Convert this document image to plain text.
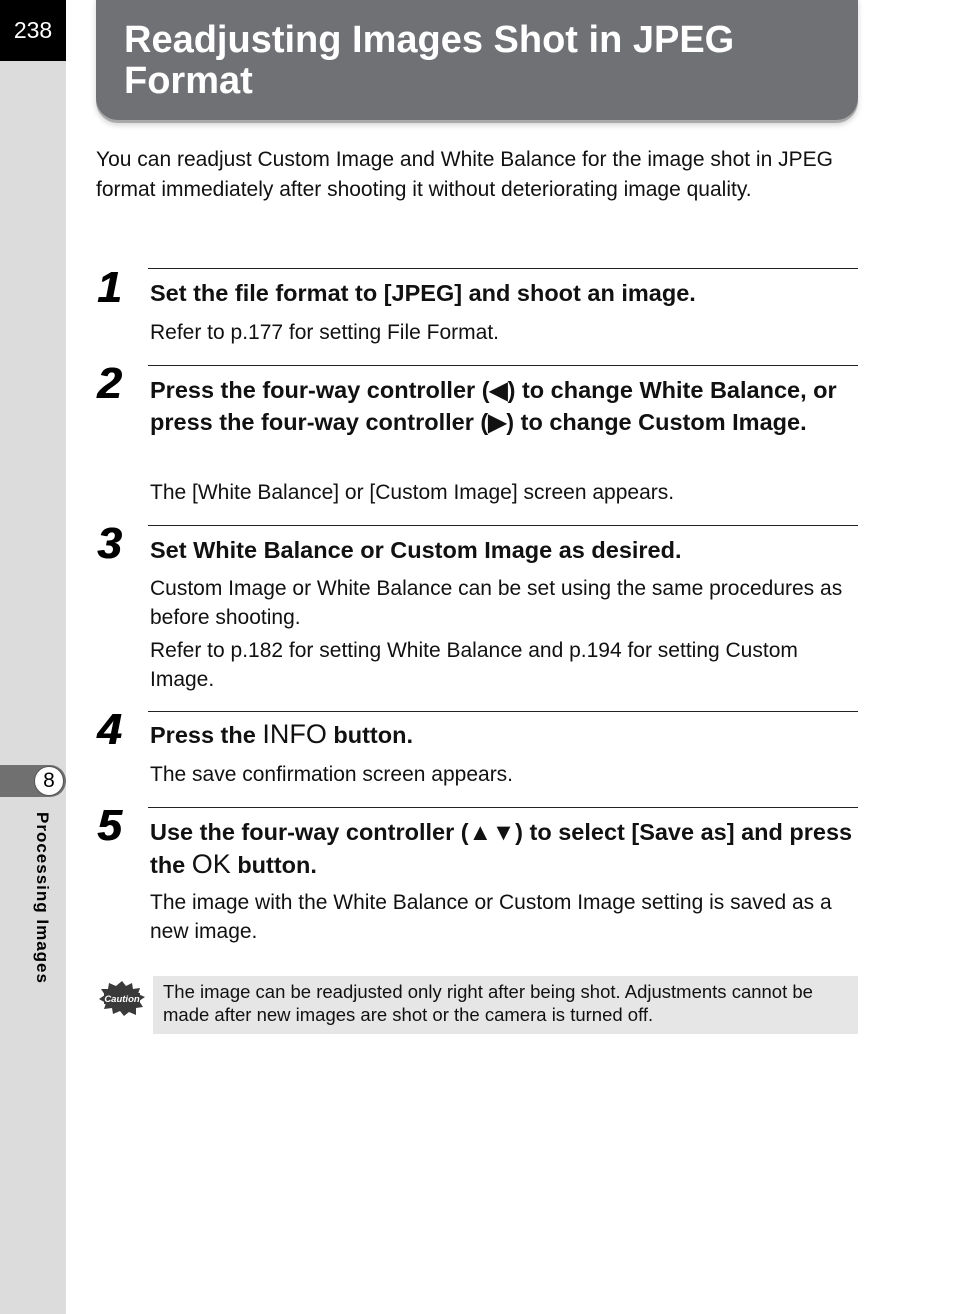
238
8
Processing Images
Readjusting Images Shot in JPEG Format

You can readjust Custom Image and White Balance for the image shot in JPEG format immediately after shooting it without deteriorating image quality.

1 Set the file format to [JPEG] and shoot an image.

Refer to p.177 for setting File Format.

2 Press the four-way controller (◀) to change White Balance, or press the four-way controller (▶) to change Custom Image.

The [White Balance] or [Custom Image] screen appears.

3 Set White Balance or Custom Image as desired.

Custom Image or White Balance can be set using the same procedures as before shooting.

Refer to p.182 for setting White Balance and p.194 for setting Custom Image.

4 Press the INFO button.

The save confirmation screen appears.

5 Use the four-way controller (▲▼) to select [Save as] and press the OK button.

The image with the White Balance or Custom Image setting is saved as a new image.

Caution	The image can be readjusted only right after being shot. Adjustments cannot be made after new images are shot or the camera is turned off.
